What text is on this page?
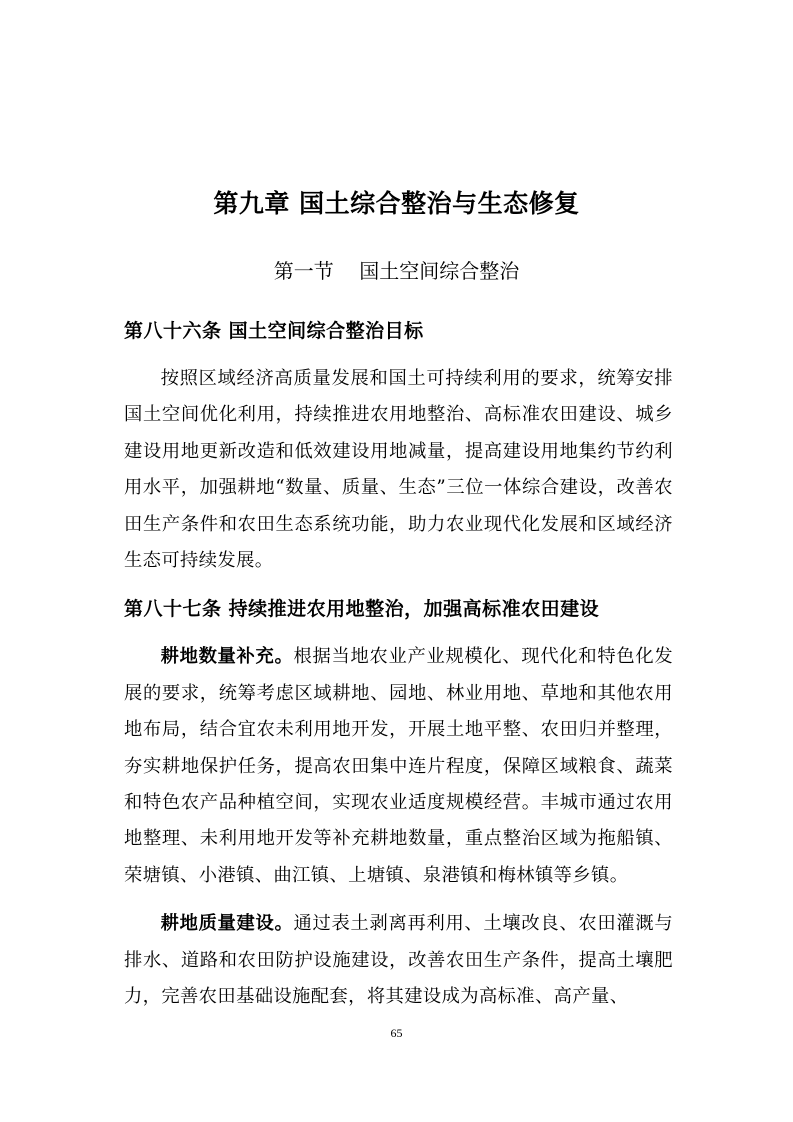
第九章 国土综合整治与生态修复
第一节    国土空间综合整治
第八十六条 国土空间综合整治目标

按照区域经济高质量发展和国土可持续利用的要求，统筹安排国土空间优化利用，持续推进农用地整治、高标准农田建设、城乡建设用地更新改造和低效建设用地减量，提高建设用地集约节约利用水平，加强耕地“数量、质量、生态”三位一体综合建设，改善农田生产条件和农田生态系统功能，助力农业现代化发展和区域经济生态可持续发展。

第八十七条 持续推进农用地整治，加强高标准农田建设

耕地数量补充。根据当地农业产业规模化、现代化和特色化发展的要求，统筹考虑区域耕地、园地、林业用地、草地和其他农用地布局，结合宜农未利用地开发，开展土地平整、农田归并整理，夯实耕地保护任务，提高农田集中连片程度，保障区域粮食、蔬菜和特色农产品种植空间，实现农业适度规模经营。丰城市通过农用地整理、未利用地开发等补充耕地数量，重点整治区域为拖船镇、荣塘镇、小港镇、曲江镇、上塘镇、泉港镇和梅林镇等乡镇。

耕地质量建设。通过表土剥离再利用、土壤改良、农田灌溉与排水、道路和农田防护设施建设，改善农田生产条件，提高土壤肥力，完善农田基础设施配套，将其建设成为高标准、高产量、

65
